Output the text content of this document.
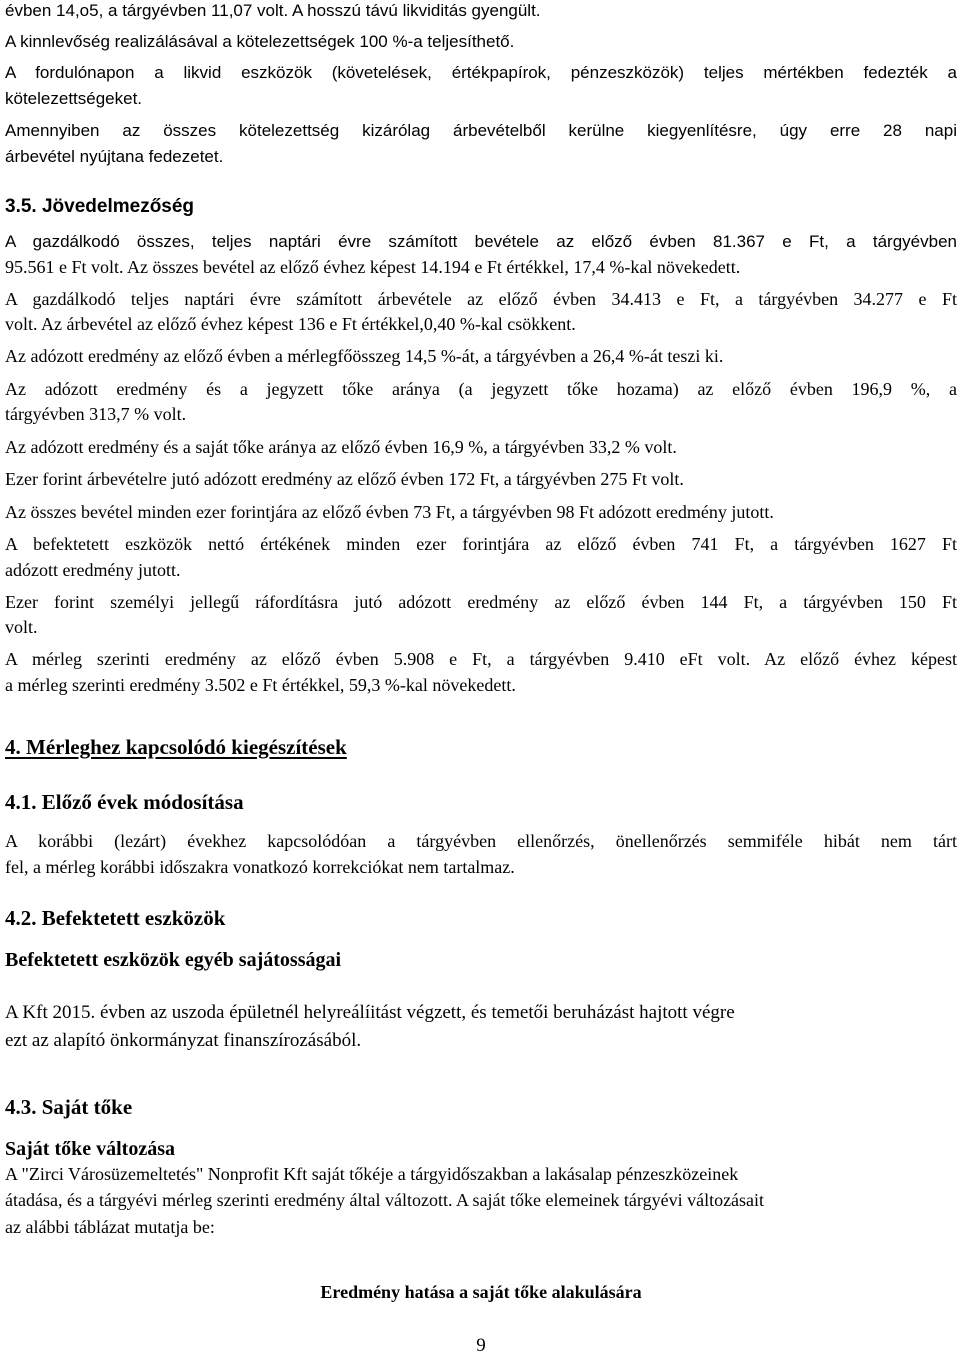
évben 14,o5, a tárgyévben 11,07 volt. A hosszú távú likviditás gyengült.
A kinnlevőség realizálásával a kötelezettségek 100 %-a teljesíthető.
A fordulónapon a likvid eszközök (követelések, értékpapírok, pénzeszközök) teljes mértékben fedezték a
kötelezettségeket.
Amennyiben az összes kötelezettség kizárólag árbevételből kerülne kiegyenlítésre, úgy erre 28 napi
árbevétel nyújtana fedezetet.
3.5. Jövedelmezőség
A gazdálkodó összes, teljes naptári évre számított bevétele az előző évben 81.367 e Ft, a tárgyévben
95.561 e Ft volt. Az összes bevétel az előző évhez képest 14.194 e Ft értékkel, 17,4 %-kal növekedett.
A gazdálkodó teljes naptári évre számított árbevétele az előző évben 34.413 e Ft, a tárgyévben 34.277 e Ft
volt. Az árbevétel az előző évhez képest 136 e Ft értékkel,0,40 %-kal csökkent.
Az adózott eredmény az előző évben a mérlegfőösszeg 14,5 %-át, a tárgyévben a 26,4 %-át teszi ki.
Az adózott eredmény és a jegyzett tőke aránya (a jegyzett tőke hozama) az előző évben 196,9 %, a
tárgyévben 313,7 % volt.
Az adózott eredmény és a saját tőke aránya az előző évben 16,9 %, a tárgyévben 33,2 % volt.
Ezer forint árbevételre jutó adózott eredmény az előző évben 172 Ft, a tárgyévben 275 Ft volt.
Az összes bevétel minden ezer forintjára az előző évben 73 Ft, a tárgyévben 98 Ft adózott eredmény jutott.
A befektetett eszközök nettó értékének minden ezer forintjára az előző évben 741 Ft, a tárgyévben 1627 Ft
adózott eredmény jutott.
Ezer forint személyi jellegű ráfordításra jutó adózott eredmény az előző évben 144 Ft, a tárgyévben 150 Ft
volt.
A mérleg szerinti eredmény az előző évben 5.908 e Ft, a tárgyévben 9.410 eFt volt. Az előző évhez képest
a mérleg szerinti eredmény 3.502 e Ft értékkel, 59,3 %-kal növekedett.
4. Mérleghez kapcsolódó kiegészítések
4.1. Előző évek módosítása
A korábbi (lezárt) évekhez kapcsolódóan a tárgyévben ellenőrzés, önellenőrzés semmiféle hibát nem tárt
fel, a mérleg korábbi időszakra vonatkozó korrekciókat nem tartalmaz.
4.2. Befektetett eszközök
Befektetett eszközök egyéb sajátosságai
A Kft 2015. évben az uszoda épületnél helyreálíitást végzett, és temetői beruházást hajtott végre
ezt az alapító önkormányzat finanszírozásából.
4.3. Saját tőke
Saját tőke változása
A "Zirci Városüzemeltetés" Nonprofit Kft saját tőkéje a tárgyidőszakban a lakásalap pénzeszközeinek
átadása, és a tárgyévi mérleg szerinti eredmény által változott. A saját tőke elemeinek tárgyévi változásait
az alábbi táblázat mutatja be:
Eredmény hatása a saját tőke alakulására
9
